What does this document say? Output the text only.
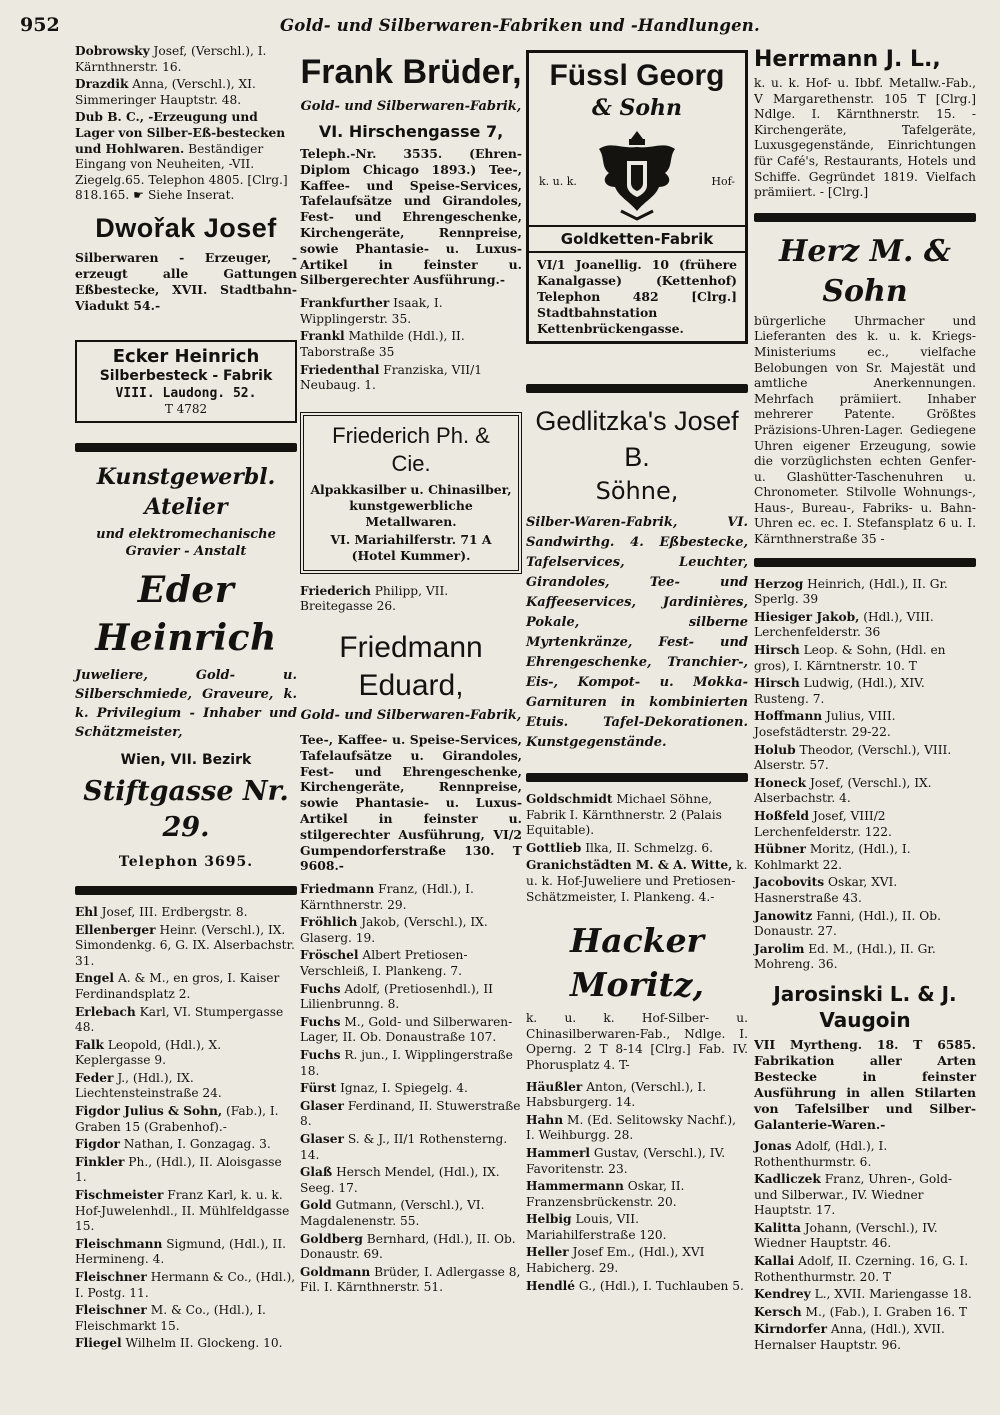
952	Gold- und Silberwaren-Fabriken und -Handlungen.

Dobrowsky Josef, (Verschl.), I. Kärnthnerstr. 16.

Drazdik Anna, (Verschl.), XI. Simmeringer Hauptstr. 48.

Dub B. C., -Erzeugung und Lager von Silber-Eß-bestecken und Hohlwaren. Beständiger Eingang von Neuheiten, -VII. Ziegelg.65. Telephon 4805. [Clrg.] 818.165. ☛ Siehe Inserat.

Dwořak Josef
Silberwaren - Erzeuger, -erzeugt alle Gattungen Eßbestecke, XVII. Stadtbahn-Viadukt 54.-
Ecker Heinrich
Silberbesteck - Fabrik
VIII. Laudong. 52.
T 4782
Kunstgewerbl. Atelier
und elektromechanische Gravier - Anstalt
Eder Heinrich
Juweliere, Gold- u. Silberschmiede, Graveure, k. k. Privilegium - Inhaber und Schätzmeister,
Wien, VII. Bezirk
Stiftgasse Nr. 29.
Telephon 3695.

Ehl Josef, III. Erdbergstr. 8.

Ellenberger Heinr. (Verschl.), IX. Simondenkg. 6, G. IX. Alserbachstr. 31.

Engel A. & M., en gros, I. Kaiser Ferdinandsplatz 2.

Erlebach Karl, VI. Stumpergasse 48.

Falk Leopold, (Hdl.), X. Keplergasse 9.

Feder J., (Hdl.), IX. Liechtensteinstraße 24.

Figdor Julius & Sohn, (Fab.), I. Graben 15 (Grabenhof).-

Figdor Nathan, I. Gonzagag. 3.

Finkler Ph., (Hdl.), II. Aloisgasse 1.

Fischmeister Franz Karl, k. u. k. Hof-Juwelenhdl., II. Mühlfeldgasse 15.

Fleischmann Sigmund, (Hdl.), II. Hermineng. 4.

Fleischner Hermann & Co., (Hdl.), I. Postg. 11.

Fleischner M. & Co., (Hdl.), I. Fleischmarkt 15.

Fliegel Wilhelm II. Glockeng. 10.

Frank Brüder,
Gold- und Silberwaren-Fabrik,
VI. Hirschengasse 7,
Teleph.-Nr. 3535. (Ehren-Diplom Chicago 1893.) Tee-, Kaffee- und Speise-Services, Tafelaufsätze und Girandoles, Fest- und Ehrengeschenke, Kirchengeräte, Rennpreise, sowie Phantasie- u. Luxus-Artikel in feinster u. Silbergerechter Ausführung.-

Frankfurther Isaak, I. Wipplingerstr. 35.

Frankl Mathilde (Hdl.), II. Taborstraße 35

Friedenthal Franziska, VII/1 Neubaug. 1.

Friederich Ph. & Cie.
Alpakkasilber u. Chinasilber, kunstgewerbliche Metallwaren.
VI. Mariahilferstr. 71 A (Hotel Kummer).

Friederich Philipp, VII. Breitegasse 26.

Friedmann Eduard,
Gold- und Silberwaren-Fabrik,
Tee-, Kaffee- u. Speise-Services, Tafelaufsätze u. Girandoles, Fest- und Ehrengeschenke, Kirchengeräte, Rennpreise, sowie Phantasie- u. Luxus-Artikel in feinster u. stilgerechter Ausführung, VI/2 Gumpendorferstraße 130. T 9608.-

Friedmann Franz, (Hdl.), I. Kärnthnerstr. 29.

Fröhlich Jakob, (Verschl.), IX. Glaserg. 19.

Fröschel Albert Pretiosen-Verschleiß, I. Plankeng. 7.

Fuchs Adolf, (Pretiosenhdl.), II Lilienbrunng. 8.

Fuchs M., Gold- und Silberwaren-Lager, II. Ob. Donaustraße 107.

Fuchs R. jun., I. Wipplingerstraße 18.

Fürst Ignaz, I. Spiegelg. 4.

Glaser Ferdinand, II. Stuwerstraße 8.

Glaser S. & J., II/1 Rothensterng. 14.

Glaß Hersch Mendel, (Hdl.), IX. Seeg. 17.

Gold Gutmann, (Verschl.), VI. Magdalenenstr. 55.

Goldberg Bernhard, (Hdl.), II. Ob. Donaustr. 69.

Goldmann Brüder, I. Adlergasse 8, Fil. I. Kärnthnerstr. 51.

Füssl Georg
& Sohn
k. u. k.	Hof-
Goldketten-Fabrik
VI/1 Joanellig. 10 (frühere Kanalgasse) (Kettenhof) Telephon 482 [Clrg.] Stadtbahnstation Kettenbrückengasse.
Gedlitzka's Josef B.
Söhne,
Silber-Waren-Fabrik, VI. Sandwirthg. 4. Eßbestecke, Tafelservices, Leuchter, Girandoles, Tee- und Kaffeeservices, Jardinières, Pokale, silberne Myrtenkränze, Fest- und Ehrengeschenke, Tranchier-, Eis-, Kompot- u. Mokka-Garnituren in kombinierten Etuis. Tafel-Dekorationen. Kunstgegenstände.

Goldschmidt Michael Söhne, Fabrik I. Kärnthnerstr. 2 (Palais Equitable).

Gottlieb Ilka, II. Schmelzg. 6.

Granichstädten M. & A. Witte, k. u. k. Hof-Juweliere und Pretiosen-Schätzmeister, I. Plankeng. 4.-

Hacker Moritz,
k. u. k. Hof-Silber- u. Chinasilberwaren-Fab., Ndlge. I. Operng. 2 T 8-14 [Clrg.] Fab. IV. Phorusplatz 4. T-

Häußler Anton, (Verschl.), I. Habsburgerg. 14.

Hahn M. (Ed. Selitowsky Nachf.), I. Weihburgg. 28.

Hammerl Gustav, (Verschl.), IV. Favoritenstr. 23.

Hammermann Oskar, II. Franzensbrückenstr. 20.

Helbig Louis, VII. Mariahilferstraße 120.

Heller Josef Em., (Hdl.), XVI Habicherg. 29.

Hendlé G., (Hdl.), I. Tuchlauben 5.

Herrmann J. L.,
k. u. k. Hof- u. Ibbf. Metallw.-Fab., V Margarethenstr. 105 T [Clrg.] Ndlge. I. Kärnthnerstr. 15. -Kirchengeräte, Tafelgeräte, Luxusgegenstände, Einrichtungen für Café's, Restaurants, Hotels und Schiffe. Gegründet 1819. Vielfach prämiiert. - [Clrg.]
Herz M. & Sohn
bürgerliche Uhrmacher und Lieferanten des k. u. k. Kriegs-Ministeriums ec., vielfache Belobungen von Sr. Majestät und amtliche Anerkennungen. Mehrfach prämiiert. Inhaber mehrerer Patente. Größtes Präzisions-Uhren-Lager. Gediegene Uhren eigener Erzeugung, sowie die vorzüglichsten echten Genfer- u. Glashütter-Taschenuhren u. Chronometer. Stilvolle Wohnungs-, Haus-, Bureau-, Fabriks- u. Bahn-Uhren ec. ec. I. Stefansplatz 6 u. I. Kärnthnerstraße 35 -

Herzog Heinrich, (Hdl.), II. Gr. Sperlg. 39

Hiesiger Jakob, (Hdl.), VIII. Lerchenfelderstr. 36

Hirsch Leop. & Sohn, (Hdl. en gros), I. Kärntnerstr. 10. T

Hirsch Ludwig, (Hdl.), XIV. Rusteng. 7.

Hoffmann Julius, VIII. Josefstädterstr. 29-22.

Holub Theodor, (Verschl.), VIII. Alserstr. 57.

Honeck Josef, (Verschl.), IX. Alserbachstr. 4.

Hoßfeld Josef, VIII/2 Lerchenfelderstr. 122.

Hübner Moritz, (Hdl.), I. Kohlmarkt 22.

Jacobovits Oskar, XVI. Hasnerstraße 43.

Janowitz Fanni, (Hdl.), II. Ob. Donaustr. 27.

Jarolim Ed. M., (Hdl.), II. Gr. Mohreng. 36.

Jarosinski L. & J. Vaugoin
VII Myrtheng. 18. T 6585. Fabrikation aller Arten Bestecke in feinster Ausführung in allen Stilarten von Tafelsilber und Silber-Galanterie-Waren.-

Jonas Adolf, (Hdl.), I. Rothenthurmstr. 6.

Kadliczek Franz, Uhren-, Gold- und Silberwar., IV. Wiedner Hauptstr. 17.

Kalitta Johann, (Verschl.), IV. Wiedner Hauptstr. 46.

Kallai Adolf, II. Czerning. 16, G. I. Rothenthurmstr. 20. T

Kendrey L., XVII. Mariengasse 18.

Kersch M., (Fab.), I. Graben 16. T

Kirndorfer Anna, (Hdl.), XVII. Hernalser Hauptstr. 96.
